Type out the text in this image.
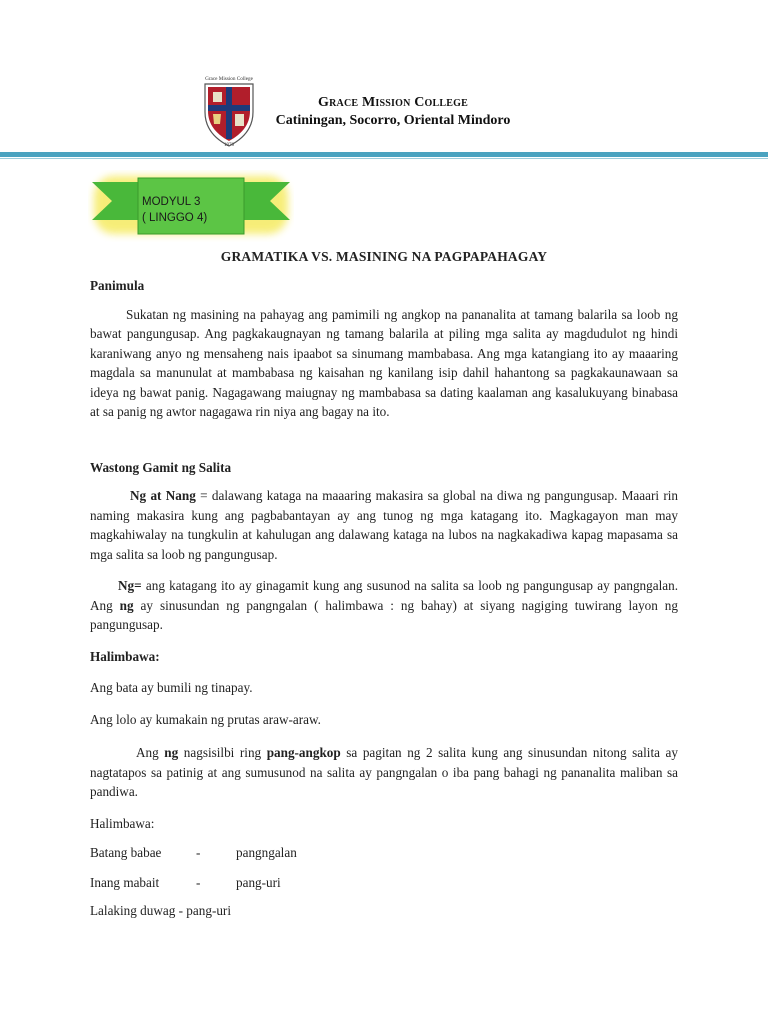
Grace Mission College
1976
Grace Mission College
Catiningan, Socorro, Oriental Mindoro
MODYUL 3
( LINGGO 4)
GRAMATIKA VS. MASINING NA PAGPAPAHAGAY

Panimula

Sukatan ng masining na pahayag ang pamimili ng angkop na pananalita at tamang balarila sa loob ng bawat pangungusap. Ang pagkakaugnayan ng tamang balarila at piling mga salita ay magdudulot ng hindi karaniwang anyo ng mensaheng nais ipaabot sa sinumang mambabasa. Ang mga katangiang ito ay maaaring magdala sa manunulat at mambabasa ng kaisahan ng kanilang isip dahil hahantong sa pagkakaunawaan sa ideya ng bawat panig. Nagagawang maiugnay ng mambabasa sa dating kaalaman ang kasalukuyang binabasa at sa panig ng awtor nagagawa rin niya ang bagay na ito.

Wastong Gamit ng Salita

Ng at Nang = dalawang kataga na maaaring makasira sa global na diwa ng pangungusap. Maaari rin naming makasira kung ang pagbabantayan ay ang tunog ng mga katagang ito. Magkagayon man may magkahiwalay na tungkulin at kahulugan ang dalawang kataga na lubos na nagkakadiwa kapag mapasama sa mga salita sa loob ng pangungusap.

Ng= ang katagang ito ay ginagamit kung ang susunod na salita sa loob ng pangungusap ay pangngalan. Ang ng ay sinusundan ng pangngalan ( halimbawa : ng bahay) at siyang nagiging tuwirang layon ng pangungusap.

Halimbawa:

Ang bata ay bumili ng tinapay.

Ang lolo ay kumakain ng prutas araw-araw.

Ang ng nagsisilbi ring pang-angkop sa pagitan ng 2 salita kung ang sinusundan nitong salita ay nagtatapos sa patinig at ang sumusunod na salita ay pangngalan o iba pang bahagi ng pananalita maliban sa pandiwa.

Halimbawa:

Batang babae	-	pangngalan
Inang mabait	-	pang-uri

Lalaking duwag - pang-uri
